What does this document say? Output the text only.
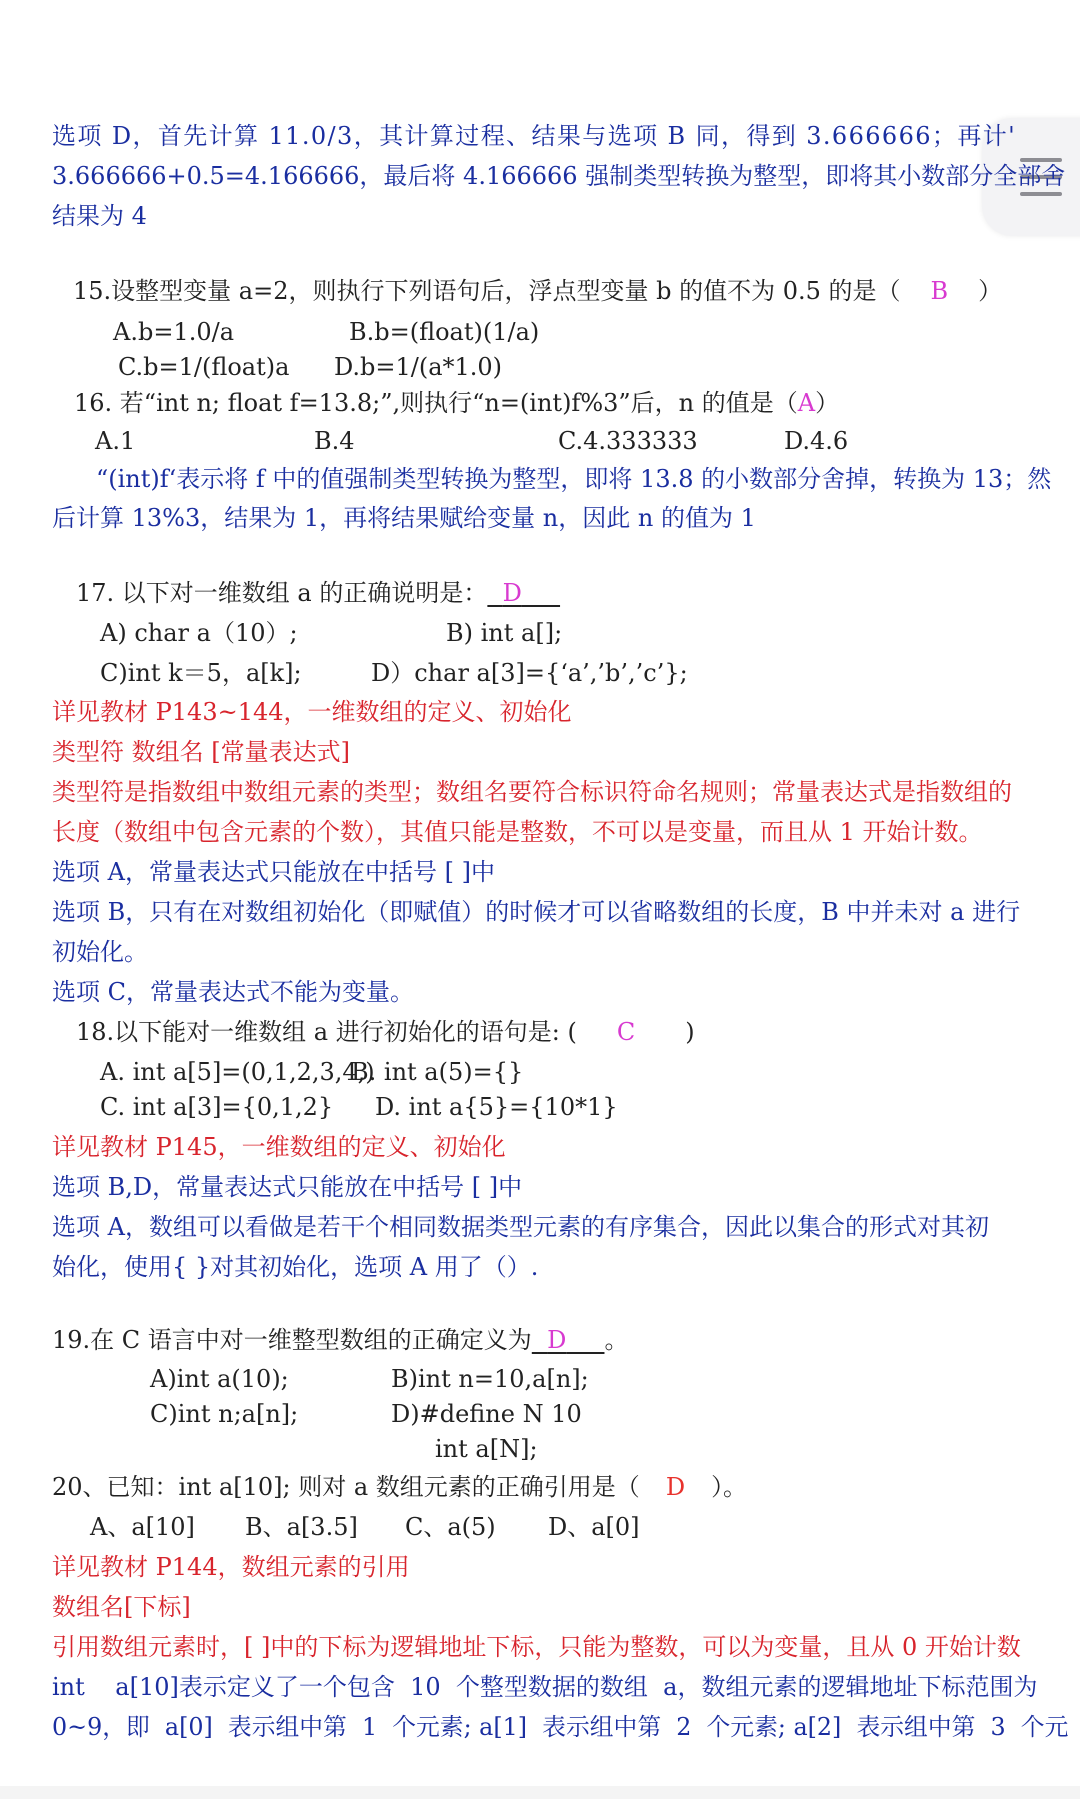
选项 D，首先计算 11.0/3，其计算过程、结果与选项 B 同，得到 3.666666；再计'
3.666666+0.5=4.166666，最后将 4.166666 强制类型转换为整型，即将其小数部分全部舍
结果为 4
15.设整型变量 a=2，则执行下列语句后，浮点型变量 b 的值不为 0.5 的是（ B ）
A.b=1.0/a	B.b=(float)(1/a)
C.b=1/(float)a D.b=1/(a*1.0)
16. 若“int n; float f=13.8;”,则执行“n=(int)f%3”后，n 的值是（A）
A.1	B.4	C.4.333333	D.4.6
“(int)f‘表示将 f 中的值强制类型转换为整型，即将 13.8 的小数部分舍掉，转换为 13；然
后计算 13%3，结果为 1，再将结果赋给变量 n，因此 n 的值为 1
17. 以下对一维数组 a 的正确说明是： D
A) char a（10）;	B) int a[];
C)int k＝5，a[k];	D）char a[3]={‘a’,’b’,’c’};
详见教材 P143~144，一维数组的定义、初始化
类型符 数组名 [常量表达式]
类型符是指数组中数组元素的类型；数组名要符合标识符命名规则；常量表达式是指数组的
长度（数组中包含元素的个数），其值只能是整数，不可以是变量，而且从 1 开始计数。
选项 A，常量表达式只能放在中括号 [ ]中
选项 B，只有在对数组初始化（即赋值）的时候才可以省略数组的长度，B 中并未对 a 进行
初始化。
选项 C，常量表达式不能为变量。
18.以下能对一维数组 a 进行初始化的语句是: ( C )
A. int a[5]=(0,1,2,3,4,)
B. int a(5)={}
C. int a[3]={0,1,2} D. int a{5}={10*1}
详见教材 P145，一维数组的定义、初始化
选项 B,D，常量表达式只能放在中括号 [ ]中
选项 A，数组可以看做是若干个相同数据类型元素的有序集合，因此以集合的形式对其初
始化，使用{ }对其初始化，选项 A 用了（）.
19.在 C 语言中对一维整型数组的正确定义为 D 。
A)int a(10);	B)int n=10,a[n];
C)int n;a[n];	D)#define N 10
int a[N];
20、已知：int a[10]; 则对 a 数组元素的正确引用是（ D ）。
A、a[10] B、a[3.5] C、a(5) D、a[0]
详见教材 P144，数组元素的引用
数组名[下标]
引用数组元素时，[ ]中的下标为逻辑地址下标，只能为整数，可以为变量，且从 0 开始计数
int    a[10]表示定义了一个包含  10  个整型数据的数组  a，数组元素的逻辑地址下标范围为
0~9，即  a[0]  表示组中第  1  个元素; a[1]  表示组中第  2  个元素; a[2]  表示组中第  3  个元
